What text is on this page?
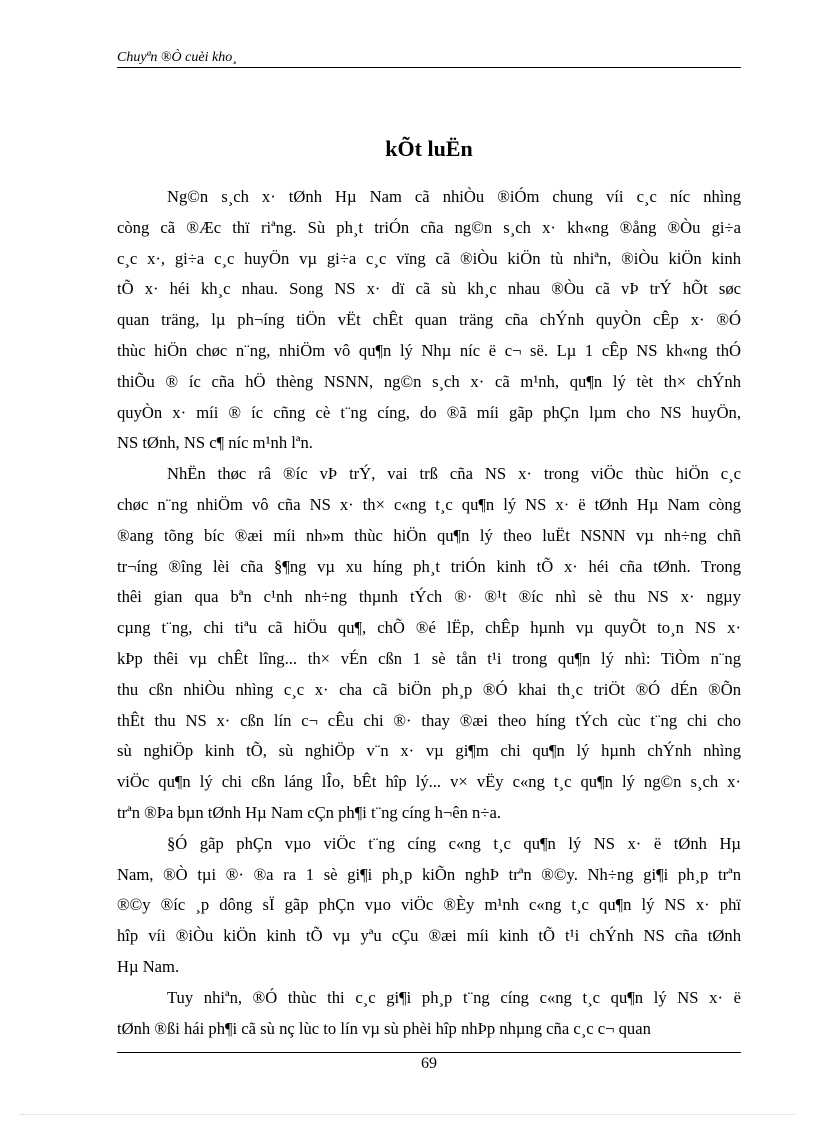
Chuyªn ®Ò cuèi kho¸
kÕt luËn
Ng©n s¸ch x· tØnh Hµ Nam cã nhiÒu ®iÓm chung víi c¸c níc nhìng
còng cã ®Æc thï riªng. Sù ph¸t triÓn cña ng©n s¸ch x· kh«ng ®ång ®Òu gi÷a
c¸c x·, gi÷a c¸c huyÖn vµ gi÷a c¸c vïng cã ®iÒu kiÖn tù nhiªn, ®iÒu kiÖn kinh
tÕ x· héi kh¸c nhau. Song NS x· dï cã sù kh¸c nhau ®Òu cã vÞ trÝ hÕt søc
quan träng, lµ ph¬íng tiÖn vËt chÊt quan träng cña chÝnh quyÒn cÊp x· ®Ó
thùc hiÖn chøc n¨ng, nhiÖm vô qu¶n lý Nhµ níc ë c¬ së. Lµ 1 cÊp NS kh«ng thÓ
thiÕu ® íc cña hÖ thèng NSNN, ng©n s¸ch x· cã m¹nh, qu¶n lý tèt th× chÝnh
quyÒn x· míi ® íc cñng cè t¨ng cíng, do ®ã míi gãp phÇn lµm cho NS huyÖn,
NS tØnh, NS c¶ níc m¹nh lªn.
NhËn thøc râ ®íc vÞ trÝ, vai trß cña NS x· trong viÖc thùc hiÖn c¸c
chøc n¨ng nhiÖm vô cña NS x· th× c«ng t¸c qu¶n lý NS x· ë tØnh Hµ Nam còng
®ang tõng bíc ®æi míi nh»m thùc hiÖn qu¶n lý theo luËt NSNN vµ nh÷ng chñ
tr¬íng ®îng lèi cña §¶ng vµ xu híng ph¸t triÓn kinh tÕ x· héi cña tØnh. Trong
thêi gian qua bªn c¹nh nh÷ng thµnh tÝch ®· ®¹t ®íc nhì sè thu NS x· ngµy
cµng t¨ng, chi tiªu cã hiÖu qu¶, chÕ ®é lËp, chÊp hµnh vµ quyÕt to¸n NS x·
kÞp thêi vµ chÊt lîng... th× vÉn cßn 1 sè tån t¹i trong qu¶n lý nhì: TiÒm n¨ng
thu cßn nhiÒu nhìng c¸c x· cha cã biÖn ph¸p ®Ó khai th¸c triÖt ®Ó dÉn ®Õn
thÊt thu NS x· cßn lín c¬ cÊu chi ®· thay ®æi theo híng tÝch cùc t¨ng chi cho
sù nghiÖp kinh tÕ, sù nghiÖp v¨n x· vµ gi¶m chi qu¶n lý hµnh chÝnh nhìng
viÖc qu¶n lý chi cßn láng lÎo, bÊt hîp lý... v× vËy c«ng t¸c qu¶n lý ng©n s¸ch x·
trªn ®Þa bµn tØnh Hµ Nam cÇn ph¶i t¨ng cíng h¬ên n÷a.
§Ó gãp phÇn vµo viÖc t¨ng cíng c«ng t¸c qu¶n lý NS x· ë tØnh Hµ
Nam, ®Ò tµi ®· ®a ra 1 sè gi¶i ph¸p kiÕn nghÞ trªn ®©y. Nh÷ng gi¶i ph¸p trªn
®©y ®íc ¸p dông sÏ gãp phÇn vµo viÖc ®Èy m¹nh c«ng t¸c qu¶n lý NS x· phï
hîp víi ®iÒu kiÖn kinh tÕ vµ yªu cÇu ®æi míi kinh tÕ t¹i chÝnh NS cña tØnh
Hµ Nam.
Tuy nhiªn, ®Ó thùc thi c¸c gi¶i ph¸p t¨ng cíng c«ng t¸c qu¶n lý NS x· ë
tØnh ®ßi hái ph¶i cã sù nç lùc to lín vµ sù phèi hîp nhÞp nhµng cña c¸c c¬ quan
69
